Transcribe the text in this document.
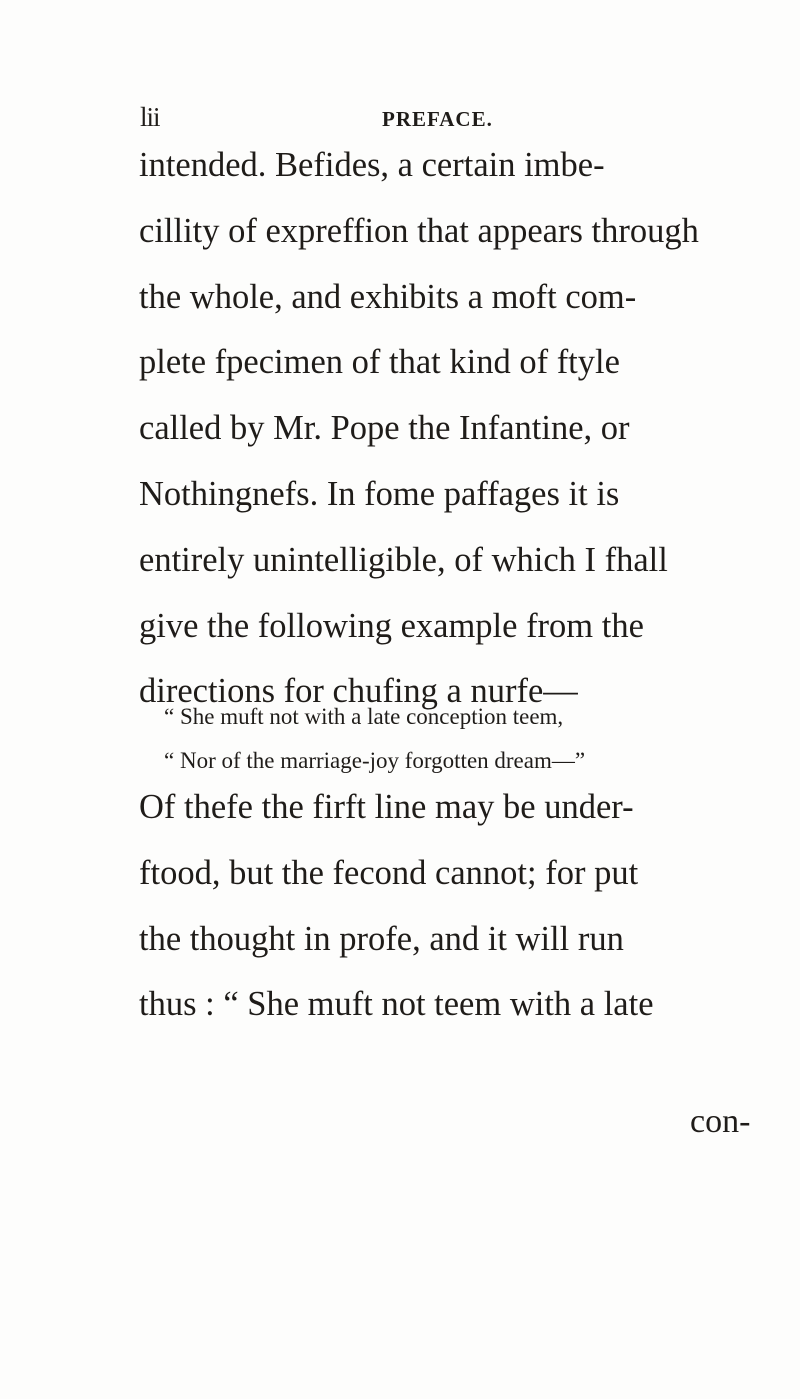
lii	PREFACE.
intended. Befides, a certain imbe-
cillity of expreffion that appears through
the whole, and exhibits a moft com-
plete fpecimen of that kind of ftyle
called by Mr. Pope the Infantine, or
Nothingnefs. In fome paffages it is
entirely unintelligible, of which I fhall
give the following example from the
directions for chufing a nurfe—
“ She muft not with a late conception teem,
“ Nor of the marriage-joy forgotten dream—”
Of thefe the firft line may be under-
ftood, but the fecond cannot; for put
the thought in profe, and it will run
thus : “ She muft not teem with a late
con-
